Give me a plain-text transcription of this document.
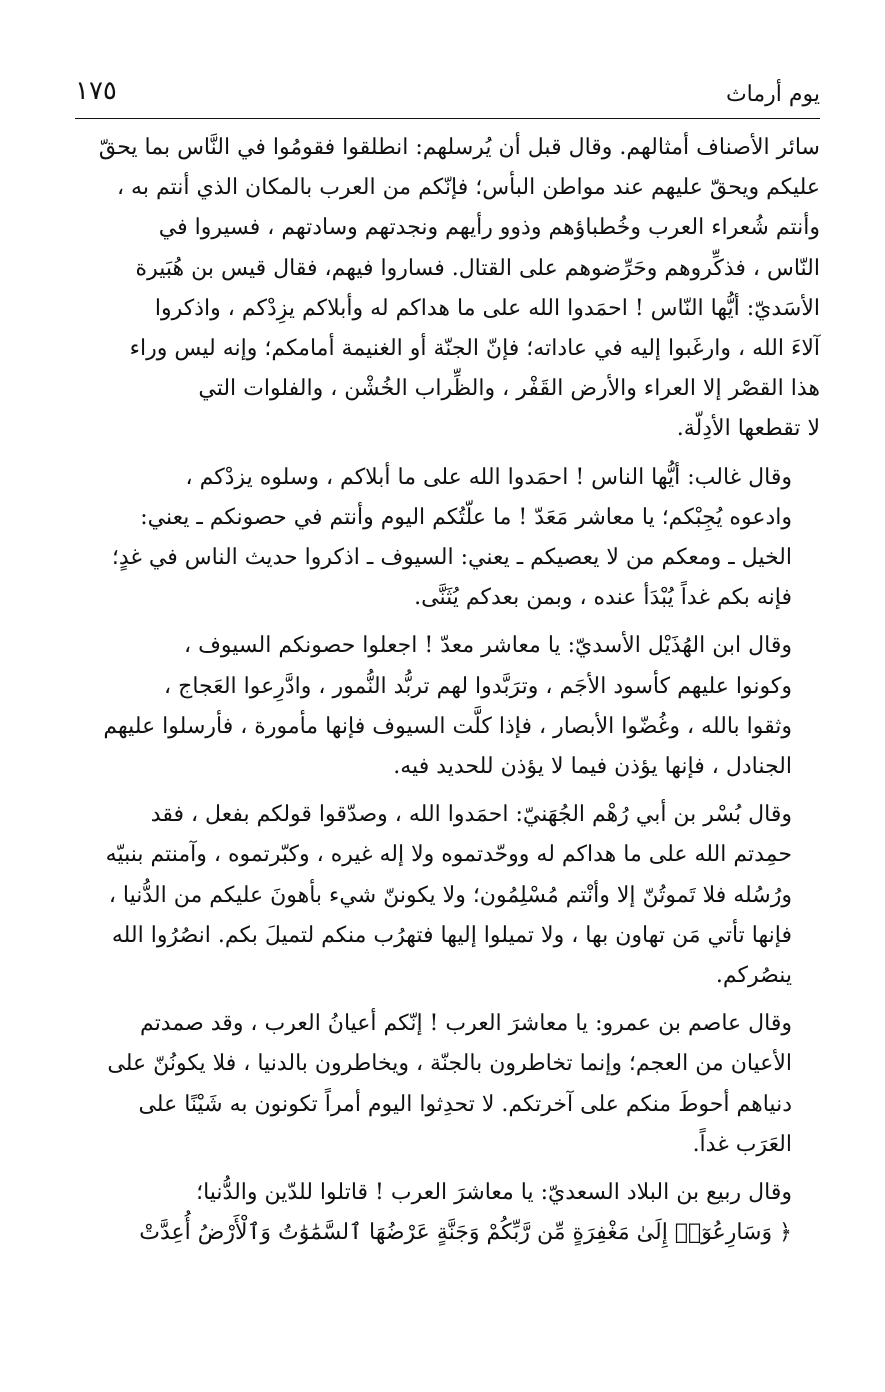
يوم أرماث
١٧٥

سائر الأصناف أمثالهم. وقال قبل أن يُرسلهم: انطلقوا فقومُوا في النَّاس بما يحقّ
عليكم ويحقّ عليهم عند مواطن البأس؛ فإنّكم من العرب بالمكان الذي أنتم به ،
وأنتم شُعراء العرب وخُطباؤهم وذوو رأيهم ونجدتهم وسادتهم ، فسيروا في
النّاس ، فذكِّروهم وحَرِّضوهم على القتال. فساروا فيهم، فقال قيس بن هُبَيرة
الأسَديّ: أيُّها النّاس ! احمَدوا الله على ما هداكم له وأبلاكم يزِدْكم ، واذكروا
آلاءَ الله ، وارغَبوا إليه في عاداته؛ فإنّ الجنّة أو الغنيمة أمامكم؛ وإنه ليس وراء
هذا القصْر إلا العراء والأرض القَفْر ، والظِّراب الخُشْن ، والفلوات التي
لا تقطعها الأدِلّة.

وقال غالب: أيُّها الناس ! احمَدوا الله على ما أبلاكم ، وسلوه يزدْكم ،
وادعوه يُجِبْكم؛ يا معاشر مَعَدّ ! ما علّتُكم اليوم وأنتم في حصونكم ـ يعني:
الخيل ـ ومعكم من لا يعصيكم ـ يعني: السيوف ـ اذكروا حديث الناس في غدٍ؛
فإنه بكم غداً يُبْدَأ عنده ، وبمن بعدكم يُثَنَّى.

وقال ابن الهُذَيْل الأسديّ: يا معاشر معدّ ! اجعلوا حصونكم السيوف ،
وكونوا عليهم كأسود الأجَم ، وترَبَّدوا لهم تربُّد النُّمور ، وادَّرِعوا العَجاج ،
وثقوا بالله ، وغُضّوا الأبصار ، فإذا كلَّت السيوف فإنها مأمورة ، فأرسلوا عليهم
الجنادل ، فإنها يؤذن فيما لا يؤذن للحديد فيه.

وقال بُسْر بن أبي رُهْم الجُهَنيّ: احمَدوا الله ، وصدّقوا قولكم بفعل ، فقد
حمِدتم الله على ما هداكم له ووحّدتموه ولا إله غيره ، وكبّرتموه ، وآمنتم بنبيّه
ورُسُله فلا تَموتُنّ إلا وأنْتم مُسْلِمُون؛ ولا يكوننّ شيء بأهونَ عليكم من الدُّنيا ،
فإنها تأتي مَن تهاون بها ، ولا تميلوا إليها فتهرُب منكم لتميلَ بكم. انصُرُوا الله
ينصُركم.

وقال عاصم بن عمرو: يا معاشرَ العرب ! إنّكم أعيانُ العرب ، وقد صمدتم
الأعيان من العجم؛ وإنما تخاطرون بالجنّة ، ويخاطرون بالدنيا ، فلا يكونُنّ على
دنياهم أحوطَ منكم على آخرتكم. لا تحدِثوا اليوم أمراً تكونون به شَيْنًا على
العَرَب غداً.

وقال ربيع بن البلاد السعديّ: يا معاشرَ العرب ! قاتلوا للدّين والدُّنيا؛
﴿ وَسَارِعُوٓا۟ إِلَىٰ مَغْفِرَةٍ مِّن رَّبِّكُمْ وَجَنَّةٍ عَرْضُهَا ٱلسَّمَٰوَٰتُ وَٱلْأَرْضُ أُعِدَّتْ
